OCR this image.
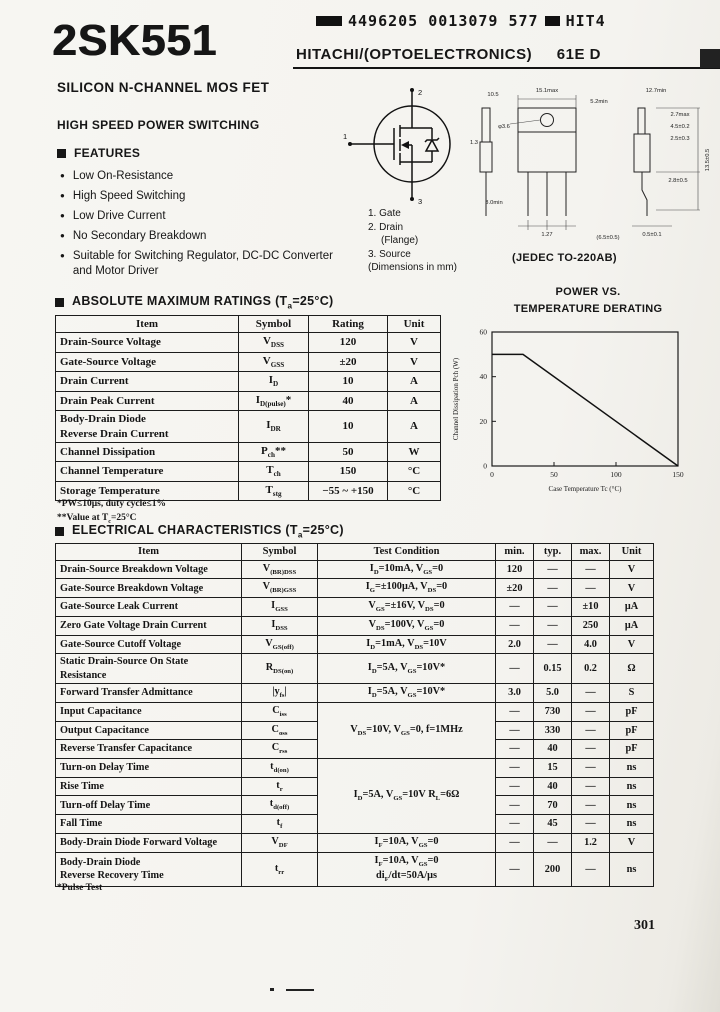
4496205 0013079 577 HIT4
2SK551	HITACHI/(OPTOELECTRONICS) 61E D
SILICON N-CHANNEL MOS FET
HIGH SPEED POWER SWITCHING
FEATURES
● Low On-Resistance
● High Speed Switching
● Low Drive Current
● No Secondary Breakdown
● Suitable for Switching Regulator, DC-DC Converter and Motor Driver
2
1
3
1. Gate
2. Drain
(Flange)
3. Source
(Dimensions in mm)
15.1max	12.7min
10.5
φ3.6
5.2min
2.7max
4.5±0.2
1.3
13.5±0.5
2.8±0.5
3.0min
(6.5±0.5)
1.27	0.5±0.1
2.5±0.3
(JEDEC TO-220AB)
ABSOLUTE MAXIMUM RATINGS $(T_a=25^\circ C)$
Item	Symbol	Rating	Unit
Drain-Source Voltage	$V_{DSS}$	120	V
Gate-Source Voltage	$V_{GSS}$	±20	V
Drain Current	$I_D$	10	A
Drain Peak Current	$I_{D(pulse)}*$	40	A
Body-Drain Diode
Reverse Drain Current	$I_{DR}$	10	A
Channel Dissipation	$P_{ch}**$	50	W
Channel Temperature	$T_{ch}$	150	°C
Storage Temperature	$T_{stg}$	−55 ~ +150	°C
*PW≤10μs, duty cycle≤1%
**Value at $T_c=25^\circ C$
POWER VS.
TEMPERATURE DERATING
0	50	100	150
0
20
40
60
Case Temperature Tc (°C)
Channel Dissipation Pch (W)
ELECTRICAL CHARACTERISTICS $(T_a=25^\circ C)$
Item	Symbol	Test Condition	min.	typ.	max.	Unit
Drain-Source Breakdown Voltage	$V_{(BR)DSS}$	$I_D=10mA$, $V_{GS}=0$	120	—	—	V
Gate-Source Breakdown Voltage	$V_{(BR)GSS}$	$I_G=\pm 100\mu A$, $V_{DS}=0$	±20	—	—	V
Gate-Source Leak Current	$I_{GSS}$	$V_{GS}=\pm 16V$, $V_{DS}=0$	—	—	±10	μA
Zero Gate Voltage Drain Current	$I_{DSS}$	$V_{DS}=100V$, $V_{GS}=0$	—	—	250	μA
Gate-Source Cutoff Voltage	$V_{GS(off)}$	$I_D=1mA$, $V_{DS}=10V$	2.0	—	4.0	V
Static Drain-Source On State
Resistance	$R_{DS(on)}$	$I_D=5A$, $V_{GS}=10V*$	—	0.15	0.2	Ω
Forward Transfer Admittance	$|y_{fs}|$	$I_D=5A$, $V_{GS}=10V*$	3.0	5.0	—	S
Input Capacitance	$C_{iss}$	$V_{DS}=10V$, $V_{GS}=0$, f=1MHz	—	730	—	pF
Output Capacitance	$C_{oss}$		—	330	—	pF
Reverse Transfer Capacitance	$C_{rss}$		—	40	—	pF
Turn-on Delay Time	$t_{d(on)}$	$I_D=5A$, $V_{GS}=10V$ $R_L=6\Omega$	—	15	—	ns
Rise Time	$t_r$		—	40	—	ns
Turn-off Delay Time	$t_{d(off)}$		—	70	—	ns
Fall Time	$t_f$		—	45	—	ns
Body-Drain Diode Forward Voltage	$V_{DF}$	$I_F=10A$, $V_{GS}=0$	—	—	1.2	V
Body-Drain Diode
Reverse Recovery Time	$t_{rr}$	$I_F=10A$, $V_{GS}=0$
$di_F/dt=50A/\mu s$	—	200	—	ns
*Pulse Test
301
